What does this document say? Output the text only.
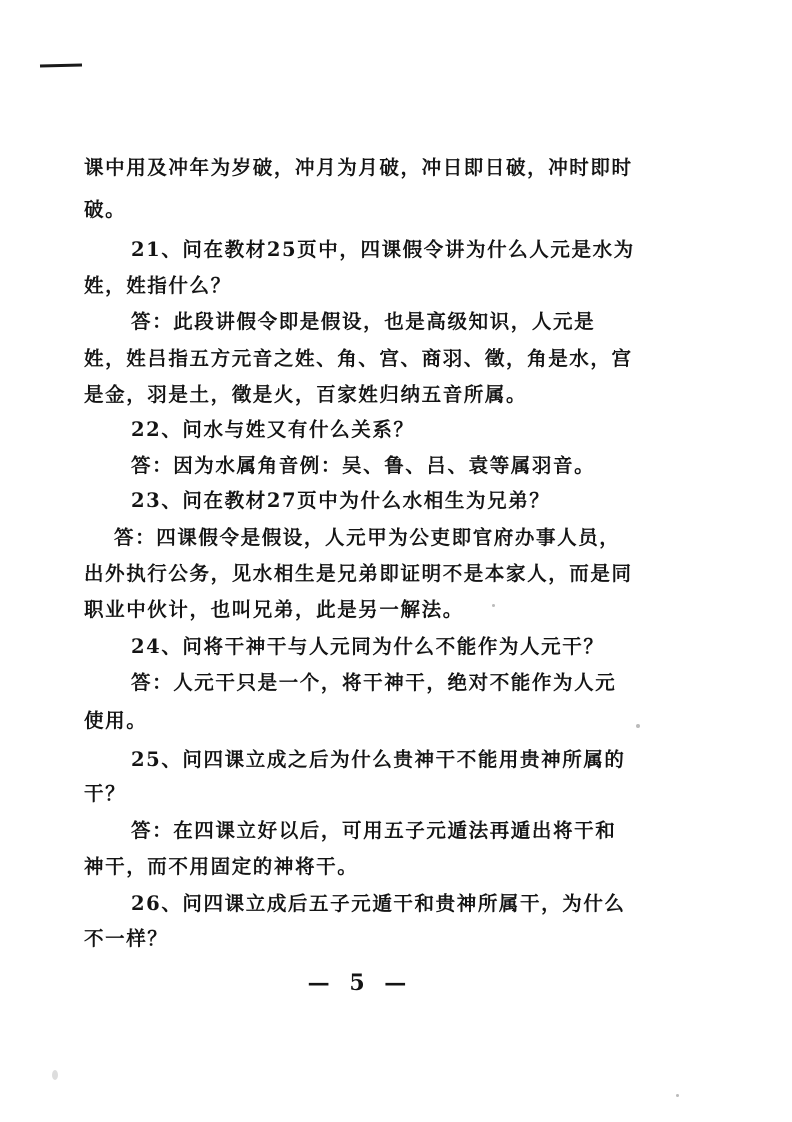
课中用及冲年为岁破，冲月为月破，冲日即日破，冲时即时
破。
21、问在教材25页中，四课假令讲为什么人元是水为
姓，姓指什么？
答：此段讲假令即是假设，也是高级知识，人元是
姓，姓吕指五方元音之姓、角、宫、商羽、徵，角是水，宫
是金，羽是土，徵是火，百家姓归纳五音所属。
22、问水与姓又有什么关系？
答：因为水属角音例：吴、鲁、吕、袁等属羽音。
23、问在教材27页中为什么水相生为兄弟？
答：四课假令是假设，人元甲为公吏即官府办事人员，
出外执行公务，见水相生是兄弟即证明不是本家人，而是同
职业中伙计，也叫兄弟，此是另一解法。
24、问将干神干与人元同为什么不能作为人元干？
答：人元干只是一个，将干神干，绝对不能作为人元
使用。
25、问四课立成之后为什么贵神干不能用贵神所属的
干？
答：在四课立好以后，可用五子元遁法再遁出将干和
神干，而不用固定的神将干。
26、问四课立成后五子元遁干和贵神所属干，为什么
不一样？
— 5 —
